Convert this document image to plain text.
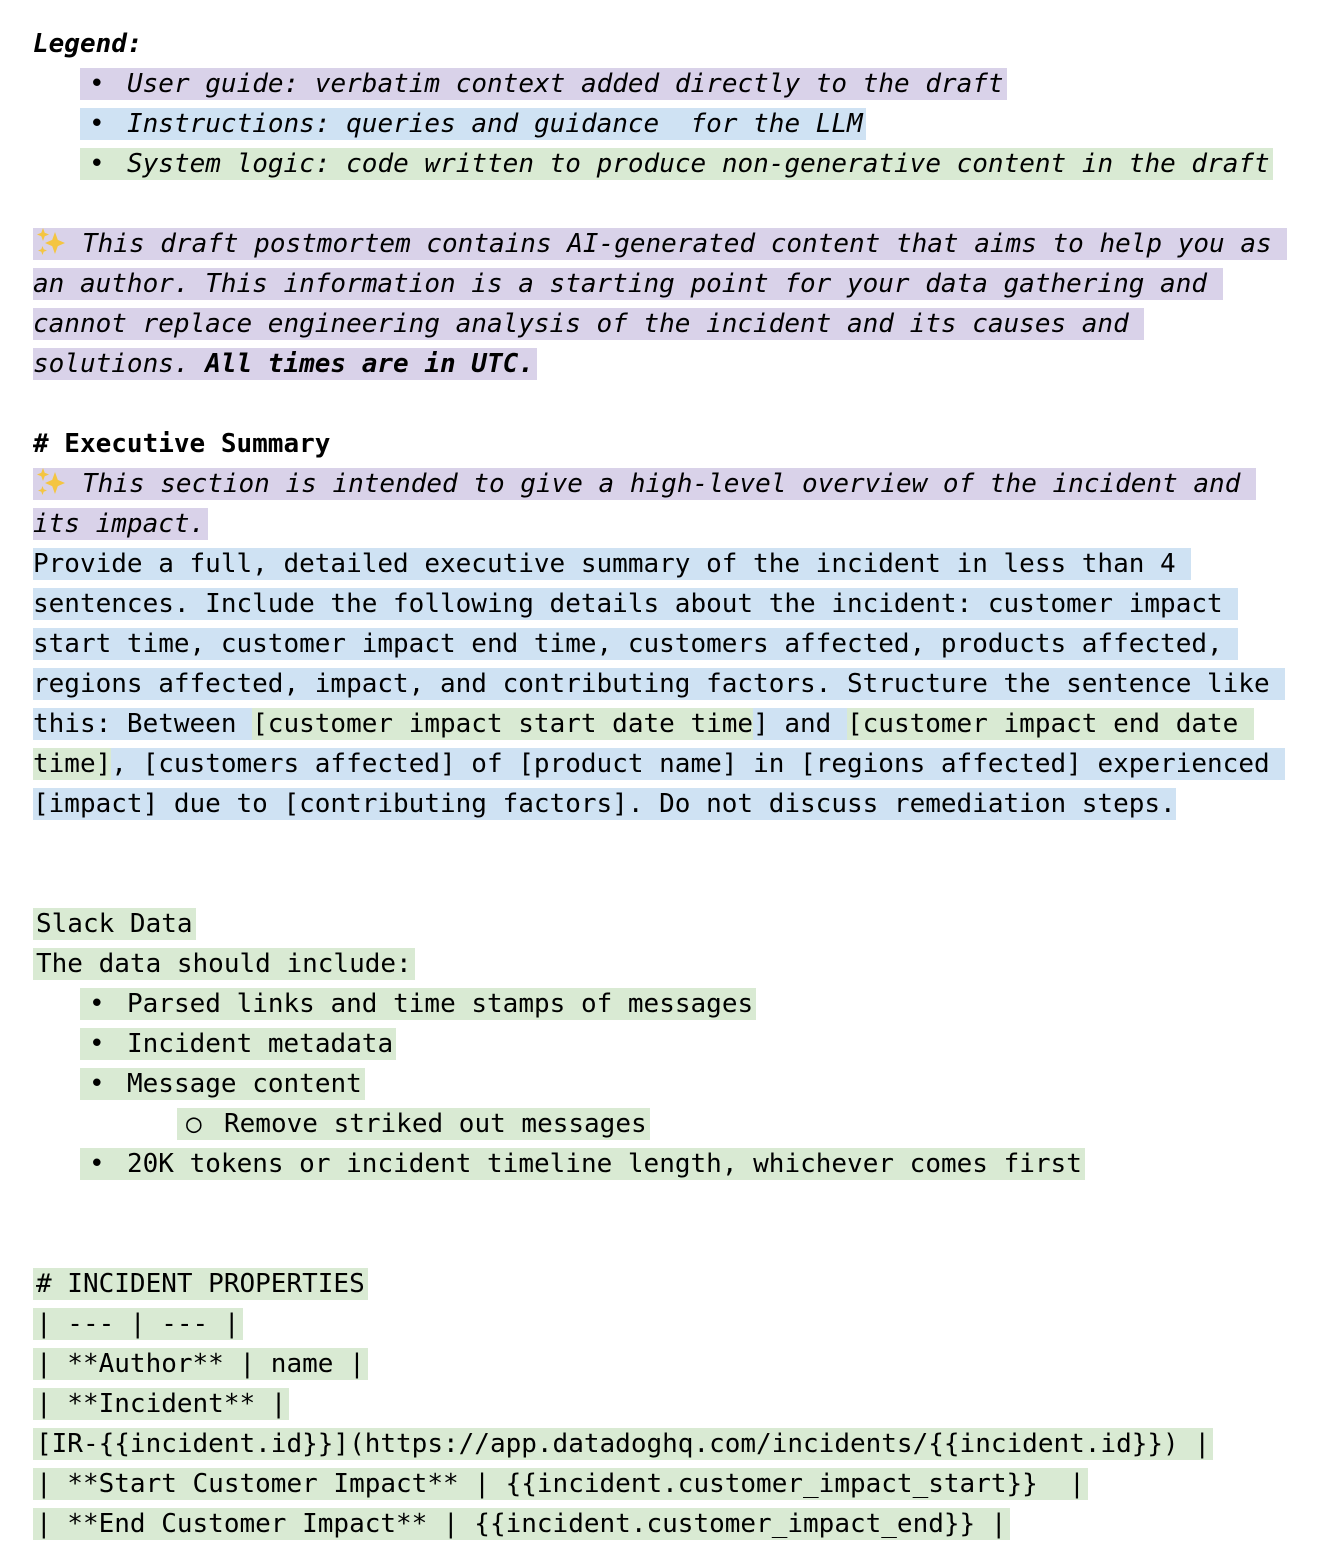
Legend:
• User guide: verbatim context added directly to the draft
• Instructions: queries and guidance  for the LLM
• System logic: code written to produce non-generative content in the draft
This draft postmortem contains AI-generated content that aims to help you as an author. This information is a starting point for your data gathering and cannot replace engineering analysis of the incident and its causes and solutions. All times are in UTC.
# Executive Summary
This section is intended to give a high-level overview of the incident and its impact.
Provide a full, detailed executive summary of the incident in less than 4 sentences. Include the following details about the incident: customer impact start time, customer impact end time, customers affected, products affected, regions affected, impact, and contributing factors. Structure the sentence like this: Between [customer impact start date time] and [customer impact end date time], [customers affected] of [product name] in [regions affected] experienced [impact] due to [contributing factors]. Do not discuss remediation steps.
Slack Data
The data should include:
• Parsed links and time stamps of messages
• Incident metadata
• Message content
○ Remove striked out messages
• 20K tokens or incident timeline length, whichever comes first
# INCIDENT PROPERTIES
| --- | --- |
| **Author** | name |
| **Incident** |
[IR-{{incident.id}}](https://app.datadoghq.com/incidents/{{incident.id}}) |
| **Start Customer Impact** | {{incident.customer_impact_start}}  |
| **End Customer Impact** | {{incident.customer_impact_end}} |
